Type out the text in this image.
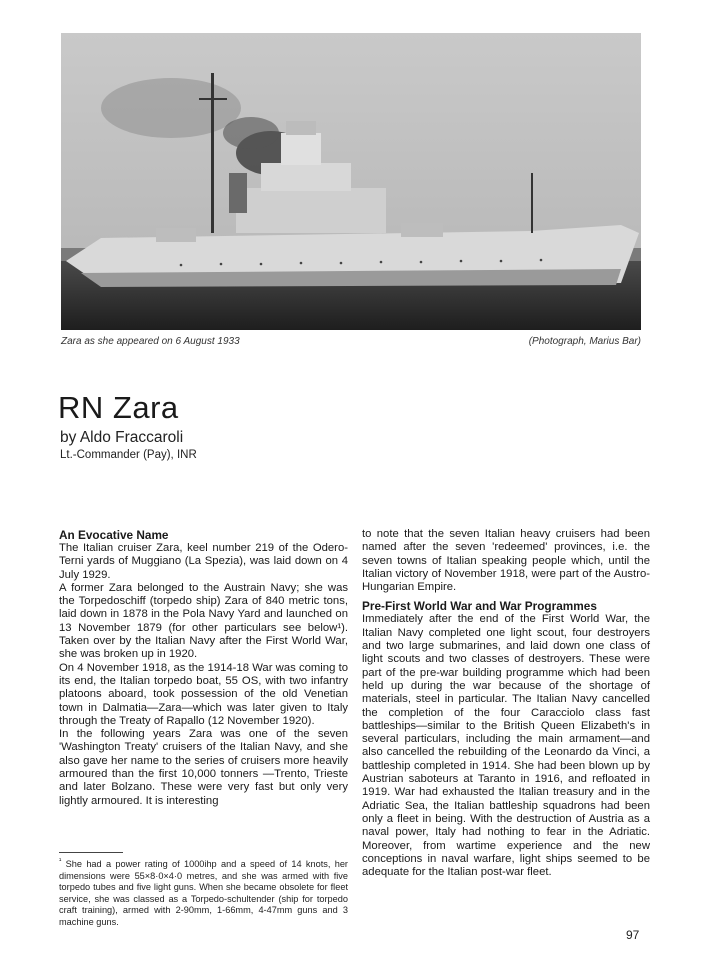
Zara as she appeared on 6 August 1933	(Photograph, Marius Bar)
RN Zara
by Aldo Fraccaroli
Lt.-Commander (Pay), INR
An Evocative Name

The Italian cruiser Zara, keel number 219 of the Odero-Terni yards of Muggiano (La Spezia), was laid down on 4 July 1929.

A former Zara belonged to the Austrain Navy; she was the Torpedoschiff (torpedo ship) Zara of 840 metric tons, laid down in 1878 in the Pola Navy Yard and launched on 13 November 1879 (for other particulars see below¹). Taken over by the Italian Navy after the First World War, she was broken up in 1920.

On 4 November 1918, as the 1914-18 War was coming to its end, the Italian torpedo boat, 55 OS, with two infantry platoons aboard, took possession of the old Venetian town in Dalmatia—Zara—which was later given to Italy through the Treaty of Rapallo (12 November 1920).

In the following years Zara was one of the seven 'Washington Treaty' cruisers of the Italian Navy, and she also gave her name to the series of cruisers more heavily armoured than the first 10,000 tonners —Trento, Trieste and later Bolzano. These were very fast but only very lightly armoured. It is interesting

$^{^1}$ She had a power rating of 1000ihp and a speed of 14 knots, her dimensions were 55×8·0×4·0 metres, and she was armed with five torpedo tubes and five light guns. When she became obsolete for fleet service, she was classed as a Torpedo-schultender (ship for torpedo craft training), armed with 2-90mm, 1-66mm, 4-47mm guns and 3 machine guns.

to note that the seven Italian heavy cruisers had been named after the seven 'redeemed' provinces, i.e. the seven towns of Italian speaking people which, until the Italian victory of November 1918, were part of the Austro-Hungarian Empire.

Pre-First World War and War Programmes

Immediately after the end of the First World War, the Italian Navy completed one light scout, four destroyers and two large submarines, and laid down one class of light scouts and two classes of destroyers. These were part of the pre-war building programme which had been held up during the war because of the shortage of materials, steel in particular. The Italian Navy cancelled the completion of the four Caracciolo class fast battleships—similar to the British Queen Elizabeth's in several particulars, including the main armament—and also cancelled the rebuilding of the Leonardo da Vinci, a battleship completed in 1914. She had been blown up by Austrian saboteurs at Taranto in 1916, and refloated in 1919. War had exhausted the Italian treasury and in the Adriatic Sea, the Italian battleship squadrons had been only a fleet in being. With the destruction of Austria as a naval power, Italy had nothing to fear in the Adriatic. Moreover, from wartime experience and the new conceptions in naval warfare, light ships seemed to be adequate for the Italian post-war fleet.

97
